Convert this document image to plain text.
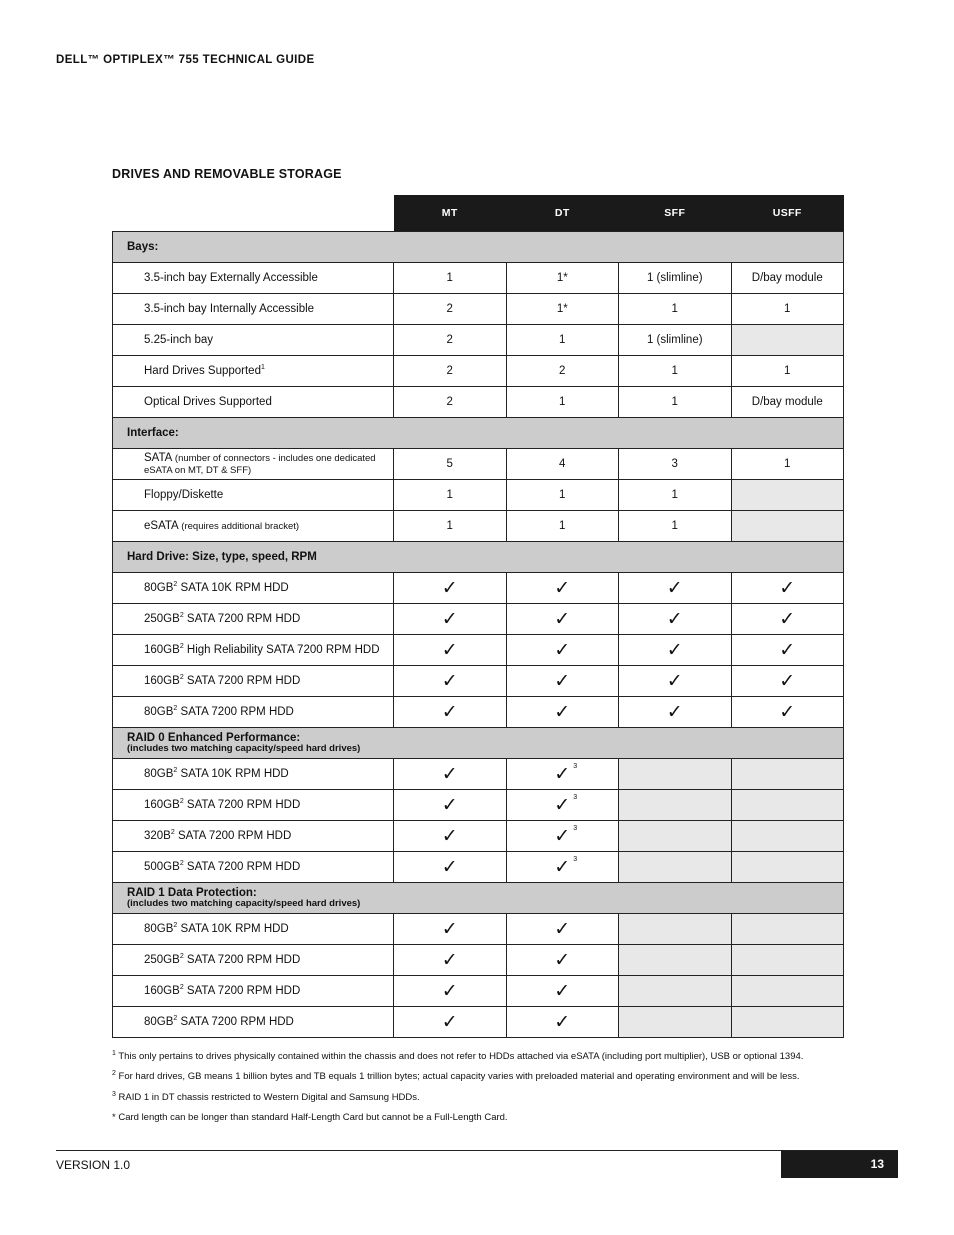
DELL™ OPTIPLEX™ 755 TECHNICAL GUIDE
DRIVES AND REMOVABLE STORAGE
	MT	DT	SFF	USFF
Bays:				
3.5-inch bay Externally Accessible	1	1*	1 (slimline)	D/bay module
3.5-inch bay Internally Accessible	2	1*	1	1
5.25-inch bay	2	1	1 (slimline)	
Hard Drives Supported$^1$	2	2	1	1
Optical Drives Supported	2	1	1	D/bay module
Interface:				
SATA (number of connectors - includes one dedicated
eSATA on MT, DT & SFF)	5	4	3	1
Floppy/Diskette	1	1	1	
eSATA (requires additional bracket)	1	1	1	
Hard Drive: Size, type, speed, RPM				
$80GB^2$ SATA 10K RPM HDD	✓	✓	✓	✓
$250GB^2$ SATA 7200 RPM HDD	✓	✓	✓	✓
$160GB^2$ High Reliability SATA 7200 RPM HDD	✓	✓	✓	✓
$160GB^2$ SATA 7200 RPM HDD	✓	✓	✓	✓
$80GB^2$ SATA 7200 RPM HDD	✓	✓	✓	✓
RAID 0 Enhanced Performance:
(includes two matching capacity/speed hard drives)				

$80GB^2$ SATA 10K RPM HDD	✓	✓ 3		

$160GB^2$ SATA 7200 RPM HDD	✓	✓ 3		

$320B^2$ SATA 7200 RPM HDD	✓	✓ 3		

$500GB^2$ SATA 7200 RPM HDD	✓	✓ 3		

RAID 1 Data Protection:
(includes two matching capacity/speed hard drives)				

$80GB^2$ SATA 10K RPM HDD	✓	✓		
$250GB^2$ SATA 7200 RPM HDD	✓	✓		
$160GB^2$ SATA 7200 RPM HDD	✓	✓		
$80GB^2$ SATA 7200 RPM HDD	✓	✓		

$^1$ This only pertains to drives physically contained within the chassis and does not refer to HDDs attached via eSATA (including port multiplier), USB or optional 1394.

$^2$ For hard drives, GB means 1 billion bytes and TB equals 1 trillion bytes; actual capacity varies with preloaded material and operating environment and will be less.

$^3$ RAID 1 in DT chassis restricted to Western Digital and Samsung HDDs.

* Card length can be longer than standard Half-Length Card but cannot be a Full-Length Card.

VERSION 1.0	13
